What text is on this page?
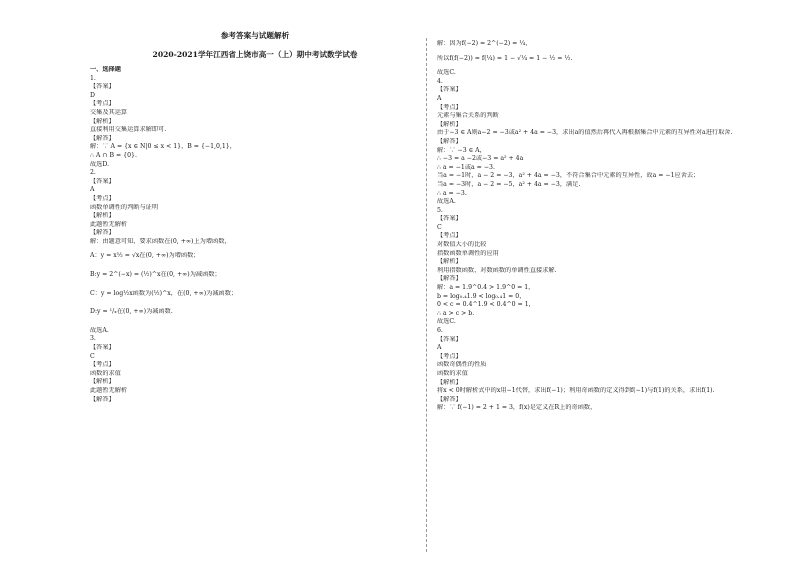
参考答案与试题解析
2020-2021学年江西省上饶市高一（上）期中考试数学试卷
一、选择题
1.
【答案】
D
【考点】
交集及其运算
【解析】
直接利用交集运算求解即可.
【解答】
解：∵ A = {x ∈ N|0 ≤ x < 1}，B = {−1,0,1}，
∴ A ∩ B = {0}.
故选D.
2.
【答案】
A
【考点】
函数单调性的判断与证明
【解析】
此题暂无解析
【解答】
解：由题意可知，要求函数在(0, +∞)上为增函数，
A：y = x½ = √x在(0, +∞)为增函数；
B:y = 2^(−x) = (½)^x在(0, +∞)为减函数；
C：y = log½x函数为(½)^x，在(0, +∞)为减函数；
D:y = ¹/ₓ在(0, +∞)为减函数.
故选A.
3.
【答案】
C
【考点】
函数的求值
【解析】
此题暂无解析
【解答】
解：因为f(−2) = 2^(−2) = ¼，
所以f(f(−2)) = f(¼) = 1 − √¼ = 1 − ½ = ½.
故选C.
4.
【答案】
A
【考点】
元素与集合关系的判断
【解析】
由于−3 ∈ A则a−2 = −3或a² + 4a = −3，求出a的值然后再代入再根据集合中元素的互异性对a进行取舍.
【解答】
解：∵ −3 ∈ A，
∴ −3 = a −2或−3 = a² + 4a
∴ a = −1或a = −3.
当a = −1时，a − 2 = −3，a² + 4a = −3，不符合集合中元素的互异性，故a = −1应舍去；
当a = −3时，a − 2 = −5，a² + 4a = −3，满足.
∴ a = −3.
故选A.
5.
【答案】
C
【考点】
对数值大小的比较
指数函数单调性的应用
【解析】
利用指数函数、对数函数的单调性直接求解.
【解答】
解：a = 1.9^0.4 > 1.9^0 = 1，
b = log₀.₄1.9 < log₀.₄1 = 0，
0 < c = 0.4^1.9 < 0.4^0 = 1，
∴ a > c > b.
故选C.
6.
【答案】
A
【考点】
函数奇偶性的性质
函数的求值
【解析】
将x < 0时解析式中的x用−1代替，求出f(−1)；利用奇函数的定义得到f(−1)与f(1)的关系，求出f(1).
【解答】
解：∵ f(−1) = 2 + 1 = 3，f(x)是定义在R上的奇函数，
